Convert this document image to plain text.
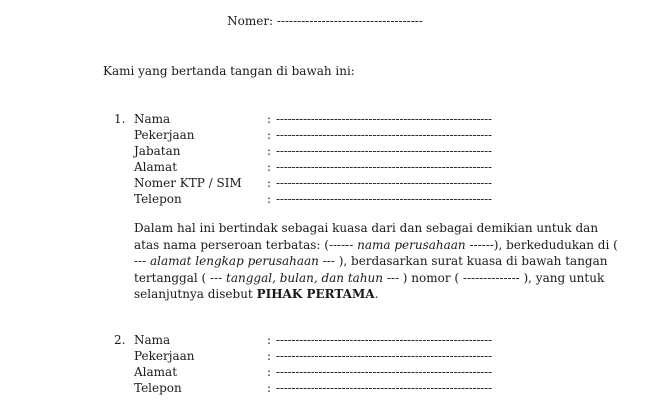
Nomer: ------------------------------------
Kami yang bertanda tangan di bawah ini:
1. Nama	: --------------------------------------------------------
Pekerjaan	: --------------------------------------------------------
Jabatan	: --------------------------------------------------------
Alamat	: --------------------------------------------------------
Nomer KTP / SIM : --------------------------------------------------------
Telepon	: --------------------------------------------------------
Dalam hal ini bertindak sebagai kuasa dari dan sebagai demikian untuk dan
atas nama perseroan terbatas: (------ nama perusahaan ------), berkedudukan di (
--- alamat lengkap perusahaan --- ), berdasarkan surat kuasa di bawah tangan
tertanggal ( --- tanggal, bulan, dan tahun --- ) nomor ( -------------- ), yang untuk
selanjutnya disebut PIHAK PERTAMA.
2. Nama	: --------------------------------------------------------
Pekerjaan	: --------------------------------------------------------
Alamat	: --------------------------------------------------------
Telepon	: --------------------------------------------------------
